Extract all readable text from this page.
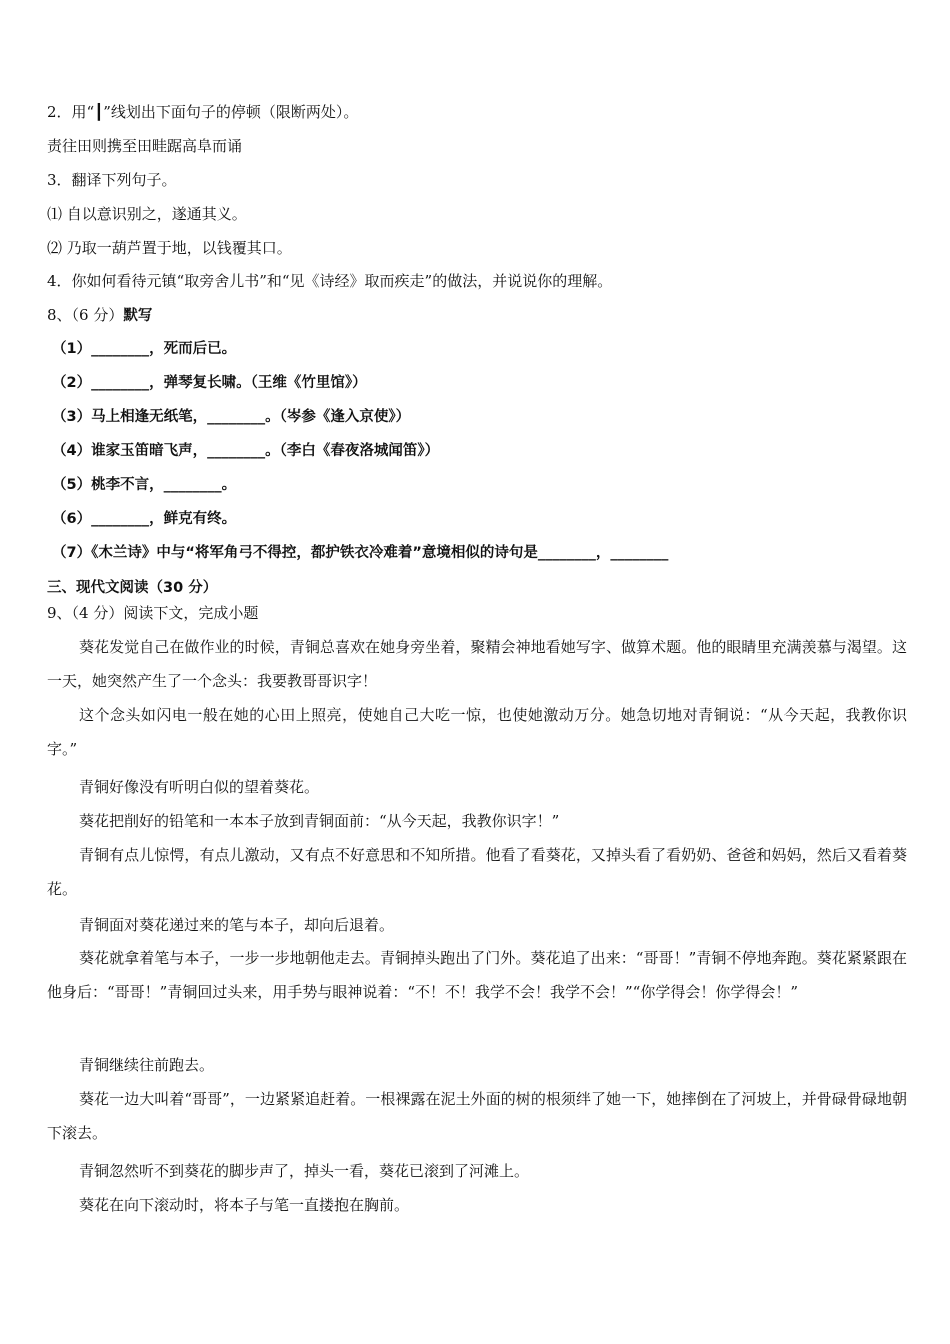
2．用“┃”线划出下面句子的停顿（限断两处）。
责往田则携至田畦踞高阜而诵
3．翻译下列句子。
⑴ 自以意识别之，遂通其义。
⑵ 乃取一葫芦置于地，以钱覆其口。
4．你如何看待元镇“取旁舍儿书”和“见《诗经》取而疾走”的做法，并说说你的理解。
8、（6 分）默写
（1）________，死而后已。
（2）________，弹琴复长啸。（王维《竹里馆》）
（3）马上相逢无纸笔，________。（岑参《逢入京使》）
（4）谁家玉笛暗飞声，________。（李白《春夜洛城闻笛》）
（5）桃李不言，________。
（6）________，鲜克有终。
（7）《木兰诗》中与“将军角弓不得控，都护铁衣冷难着”意境相似的诗句是________，________
三、现代文阅读（30 分）
9、（4 分）阅读下文，完成小题
葵花发觉自己在做作业的时候，青铜总喜欢在她身旁坐着，聚精会神地看她写字、做算术题。他的眼睛里充满羡慕与渴望。这一天，她突然产生了一个念头：我要教哥哥识字！
这个念头如闪电一般在她的心田上照亮，使她自己大吃一惊，也使她激动万分。她急切地对青铜说：“从今天起，我教你识字。”
青铜好像没有听明白似的望着葵花。
葵花把削好的铅笔和一本本子放到青铜面前：“从今天起，我教你识字！”
青铜有点儿惊愕，有点儿激动，又有点不好意思和不知所措。他看了看葵花，又掉头看了看奶奶、爸爸和妈妈，然后又看着葵花。
青铜面对葵花递过来的笔与本子，却向后退着。
葵花就拿着笔与本子，一步一步地朝他走去。青铜掉头跑出了门外。葵花追了出来：“哥哥！”青铜不停地奔跑。葵花紧紧跟在他身后：“哥哥！”青铜回过头来，用手势与眼神说着：“不！不！我学不会！我学不会！”“你学得会！你学得会！”
青铜继续往前跑去。
葵花一边大叫着“哥哥”，一边紧紧追赶着。一根裸露在泥土外面的树的根须绊了她一下，她摔倒在了河坡上，并骨碌骨碌地朝下滚去。
青铜忽然听不到葵花的脚步声了，掉头一看，葵花已滚到了河滩上。
葵花在向下滚动时，将本子与笔一直搂抱在胸前。
